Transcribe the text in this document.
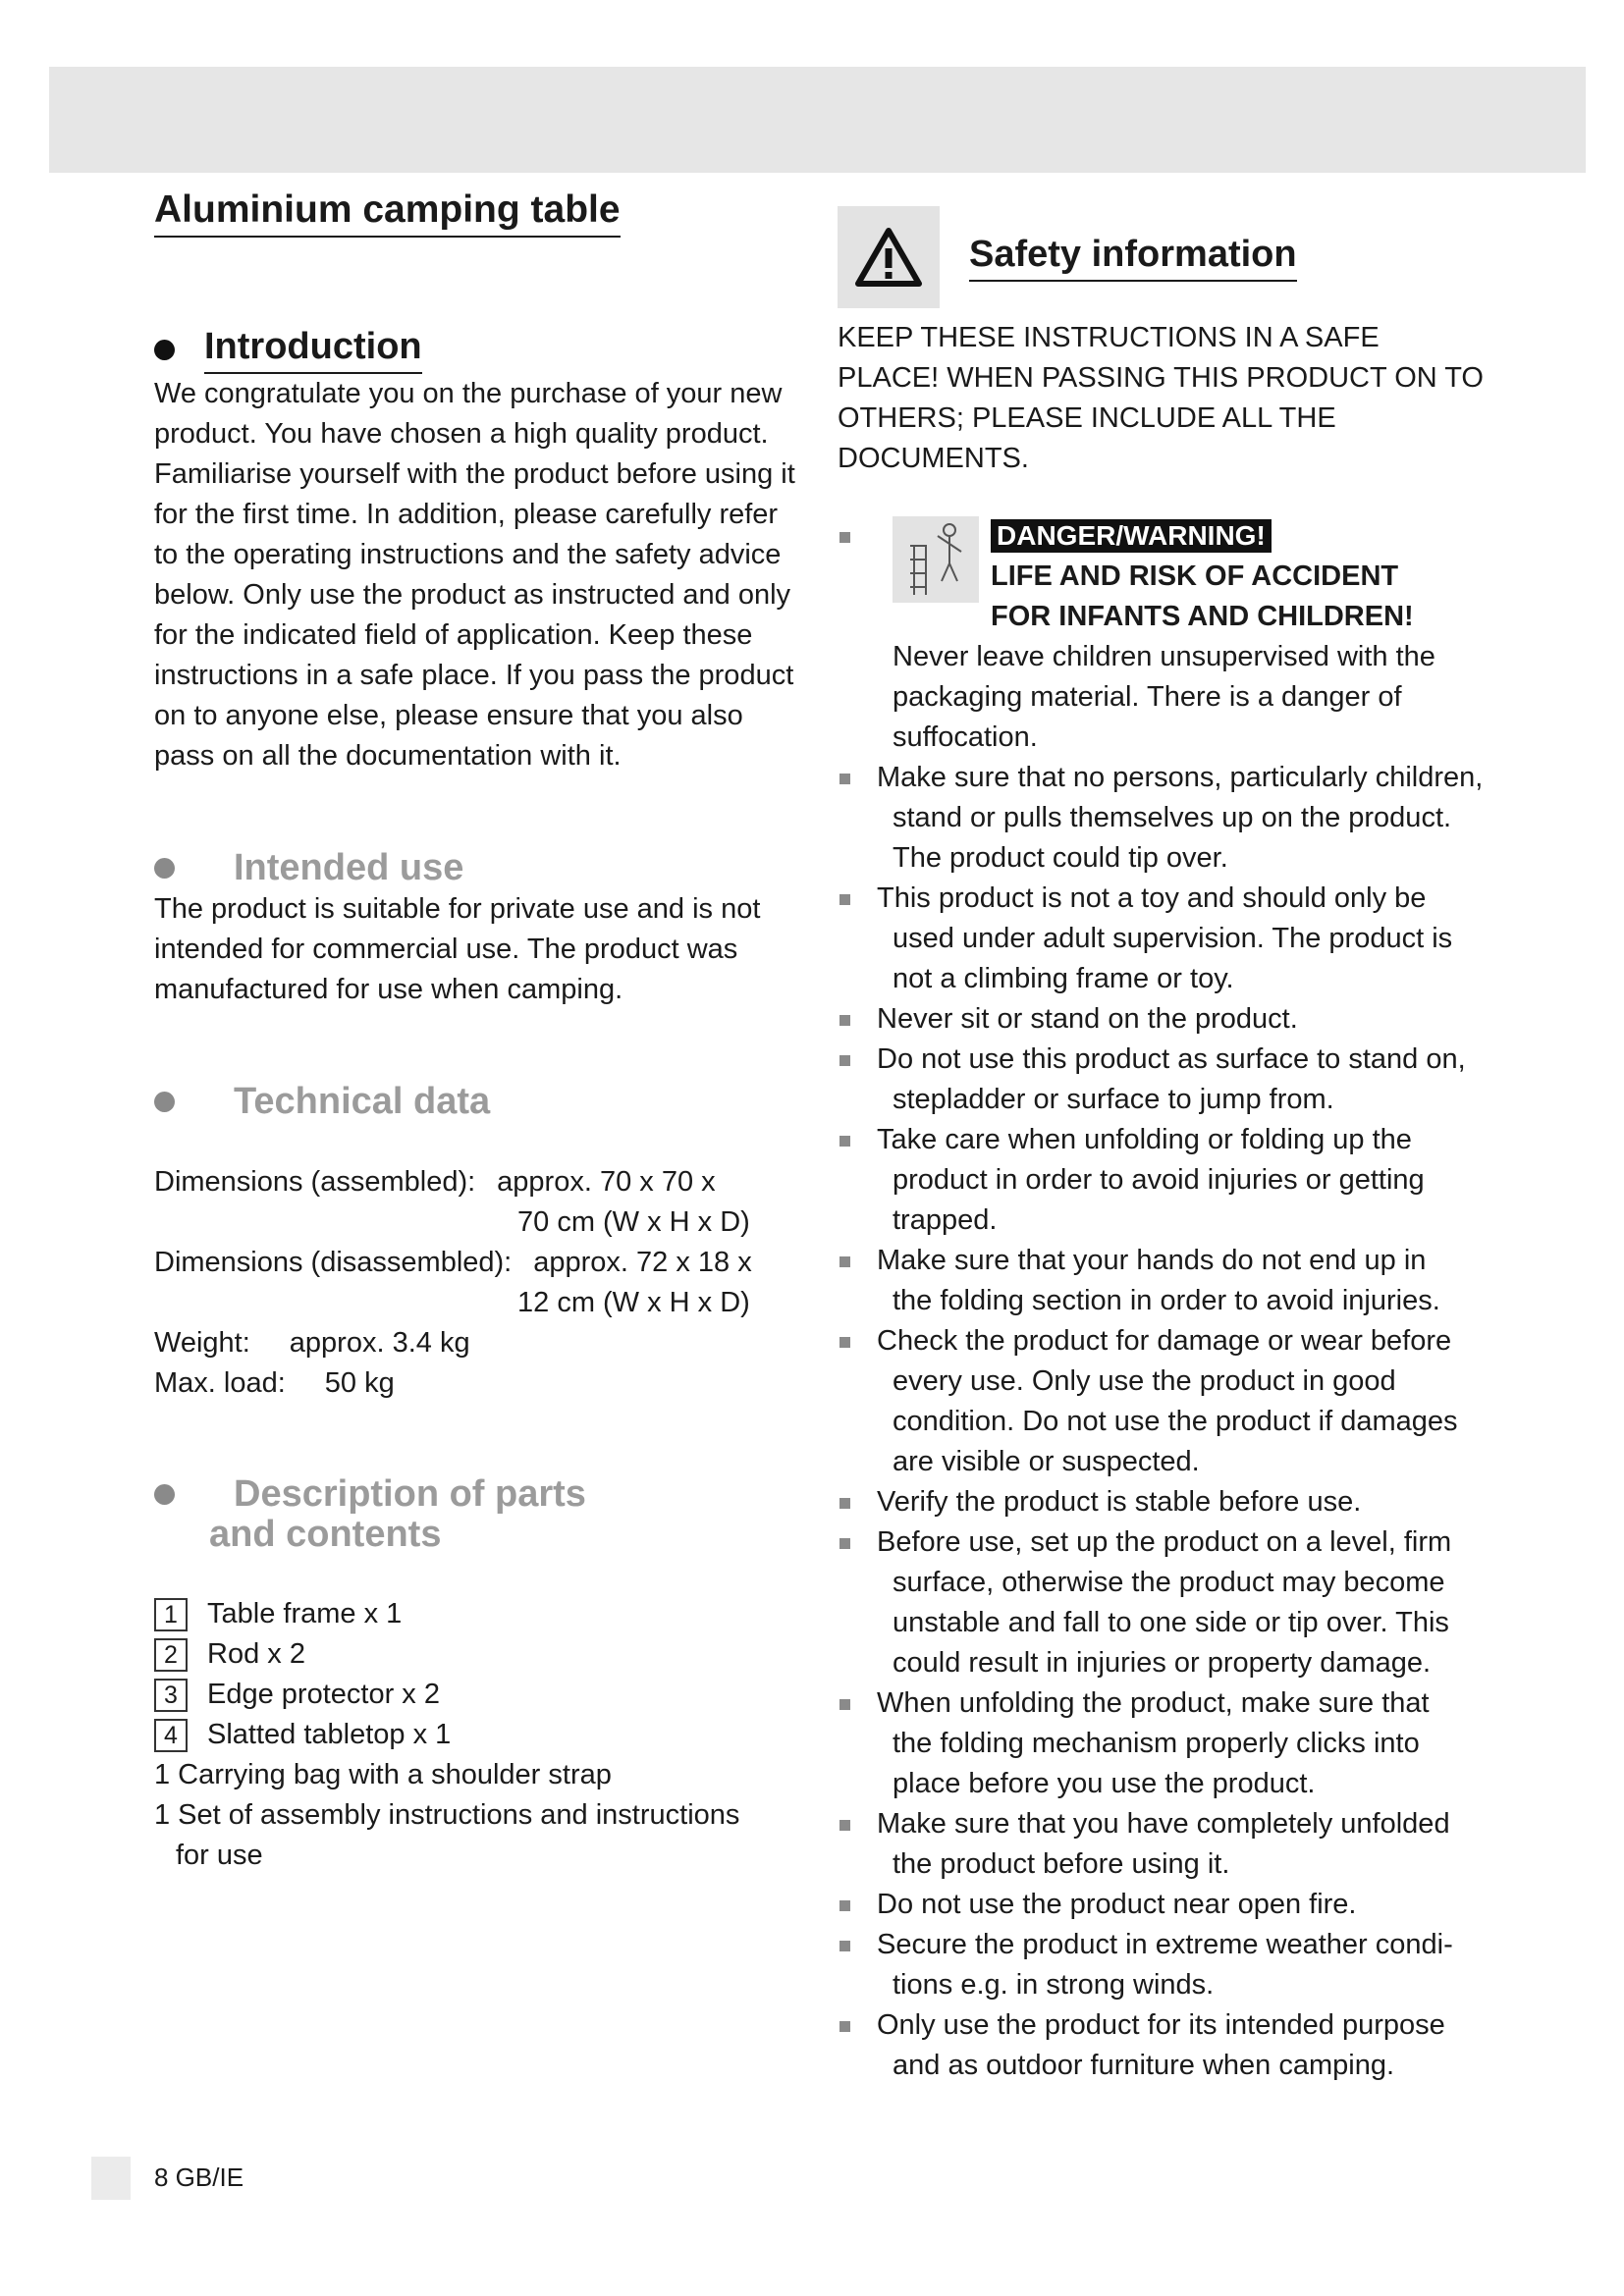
Aluminium camping table
Introduction

We congratulate you on the purchase of your new product. You have chosen a high quality product. Familiarise yourself with the product before using it for the first time. In addition, please carefully refer to the operating instructions and the safety advice below. Only use the product as instructed and only for the indicated field of application. Keep these instructions in a safe place. If you pass the product on to anyone else, please ensure that you also pass on all the documentation with it.

Intended use

The product is suitable for private use and is not intended for commercial use. The product was manufactured for use when camping.

Technical data
Dimensions (assembled): approx. 70 x 70 x
70 cm (W x H x D)
Dimensions (disassembled): approx. 72 x 18 x
12 cm (W x H x D)
Weight: approx. 3.4 kg
Max. load: 50 kg
Description of parts
and contents
1	Table frame x 1
2	Rod x 2
3	Edge protector x 2
4	Slatted tabletop x 1
1 Carrying bag with a shoulder strap
1 Set of assembly instructions and instructions
for use
Safety information

KEEP THESE INSTRUCTIONS IN A SAFE PLACE! WHEN PASSING THIS PRODUCT ON TO OTHERS; PLEASE INCLUDE ALL THE DOCUMENTS.

DANGER/WARNING!
LIFE AND RISK OF ACCIDENT
FOR INFANTS AND CHILDREN!
Never leave children unsupervised with the packaging material. There is a danger of suffocation.
Make sure that no persons, particularly children,
stand or pulls themselves up on the product. The product could tip over.
This product is not a toy and should only be
used under adult supervision. The product is not a climbing frame or toy.
Never sit or stand on the product.
Do not use this product as surface to stand on,
stepladder or surface to jump from.
Take care when unfolding or folding up the
product in order to avoid injuries or getting trapped.
Make sure that your hands do not end up in
the folding section in order to avoid injuries.
Check the product for damage or wear before
every use. Only use the product in good condition. Do not use the product if damages are visible or suspected.
Verify the product is stable before use.
Before use, set up the product on a level, firm
surface, otherwise the product may become unstable and fall to one side or tip over. This could result in injuries or property damage.
When unfolding the product, make sure that
the folding mechanism properly clicks into place before you use the product.
Make sure that you have completely unfolded
the product before using it.
Do not use the product near open fire.
Secure the product in extreme weather condi-
tions e.g. in strong winds.
Only use the product for its intended purpose
and as outdoor furniture when camping.
8 GB/IE
